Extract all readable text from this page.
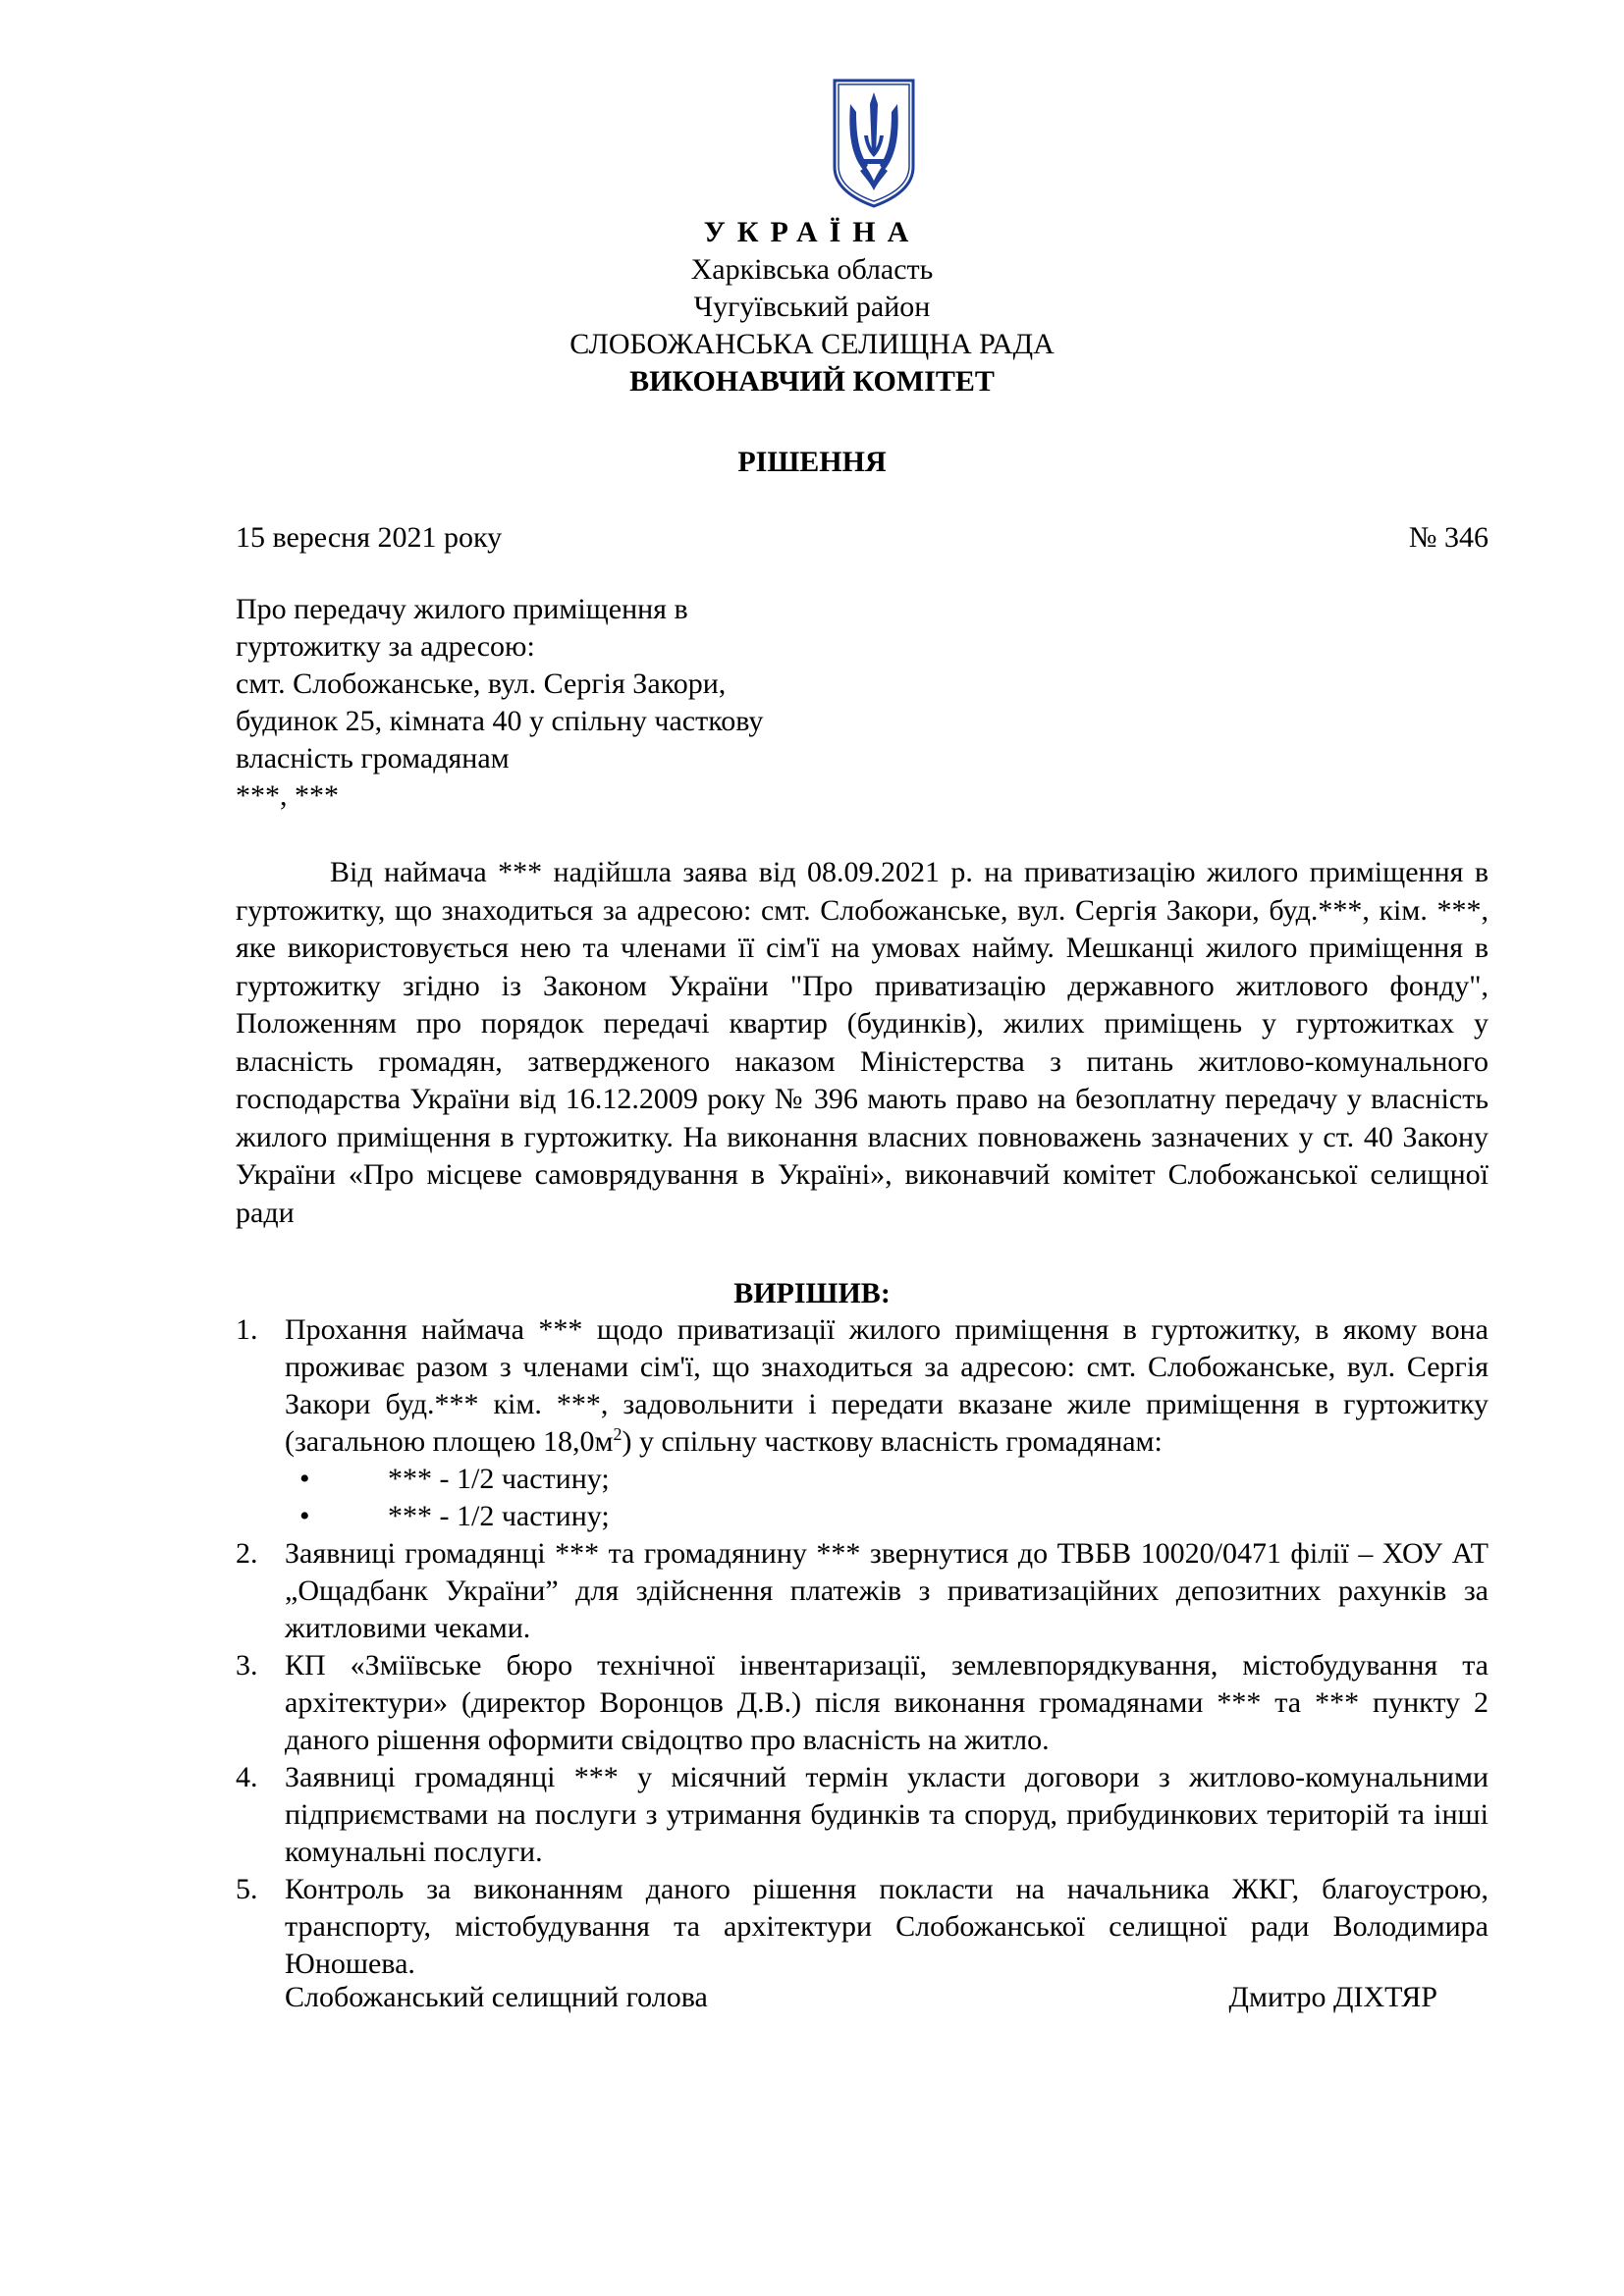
УКРАЇНА
Харківська область
Чугуївський район
СЛОБОЖАНСЬКА СЕЛИЩНА РАДА
ВИКОНАВЧИЙ КОМІТЕТ
РІШЕННЯ
15 вересня 2021 року	№ 346
Про передачу жилого приміщення в
гуртожитку за адресою:
смт. Слобожанське, вул. Сергія Закори,
будинок 25, кімната 40 у спільну часткову
власність громадянам
***, ***
Від наймача *** надійшла заява від 08.09.2021 р. на приватизацію жилого приміщення в гуртожитку, що знаходиться за адресою: смт. Слобожанське, вул. Сергія Закори, буд.***, кім. ***, яке використовується нею та членами її сім'ї на умовах найму. Мешканці жилого приміщення в гуртожитку згідно із Законом України "Про приватизацію державного житлового фонду", Положенням про порядок передачі квартир (будинків), жилих приміщень у гуртожитках у власність громадян, затвердженого наказом Міністерства з питань житлово-комунального господарства України від 16.12.2009 року № 396 мають право на безоплатну передачу у власність жилого приміщення в гуртожитку. На виконання власних повноважень зазначених у ст. 40 Закону України «Про місцеве самоврядування в Україні», виконавчий комітет Слобожанської селищної ради
ВИРІШИВ:
1. Прохання наймача *** щодо приватизації жилого приміщення в гуртожитку, в якому вона проживає разом з членами сім'ї, що знаходиться за адресою: смт. Слобожанське, вул. Сергія Закори буд.*** кім. ***, задовольнити і передати вказане жиле приміщення в гуртожитку (загальною площею $18,0м^2$) у спільну часткову власність громадянам:
•	*** - 1/2 частину;
•	*** - 1/2 частину;
2. Заявниці громадянці *** та громадянину *** звернутися до ТВБВ 10020/0471 філії – ХОУ АТ „Ощадбанк України” для здійснення платежів з приватизаційних депозитних рахунків за житловими чеками.
3. КП «Зміївське бюро технічної інвентаризації, землевпорядкування, містобудування та архітектури» (директор Воронцов Д.В.) після виконання громадянами *** та *** пункту 2 даного рішення оформити свідоцтво про власність на житло.
4. Заявниці громадянці *** у місячний термін укласти договори з житлово-комунальними підприємствами на послуги з утримання будинків та споруд, прибудинкових територій та інші комунальні послуги.
5. Контроль за виконанням даного рішення покласти на начальника ЖКГ, благоустрою, транспорту, містобудування та архітектури Слобожанської селищної ради Володимира Юношева.
Слобожанський селищний голова	Дмитро ДІХТЯР
